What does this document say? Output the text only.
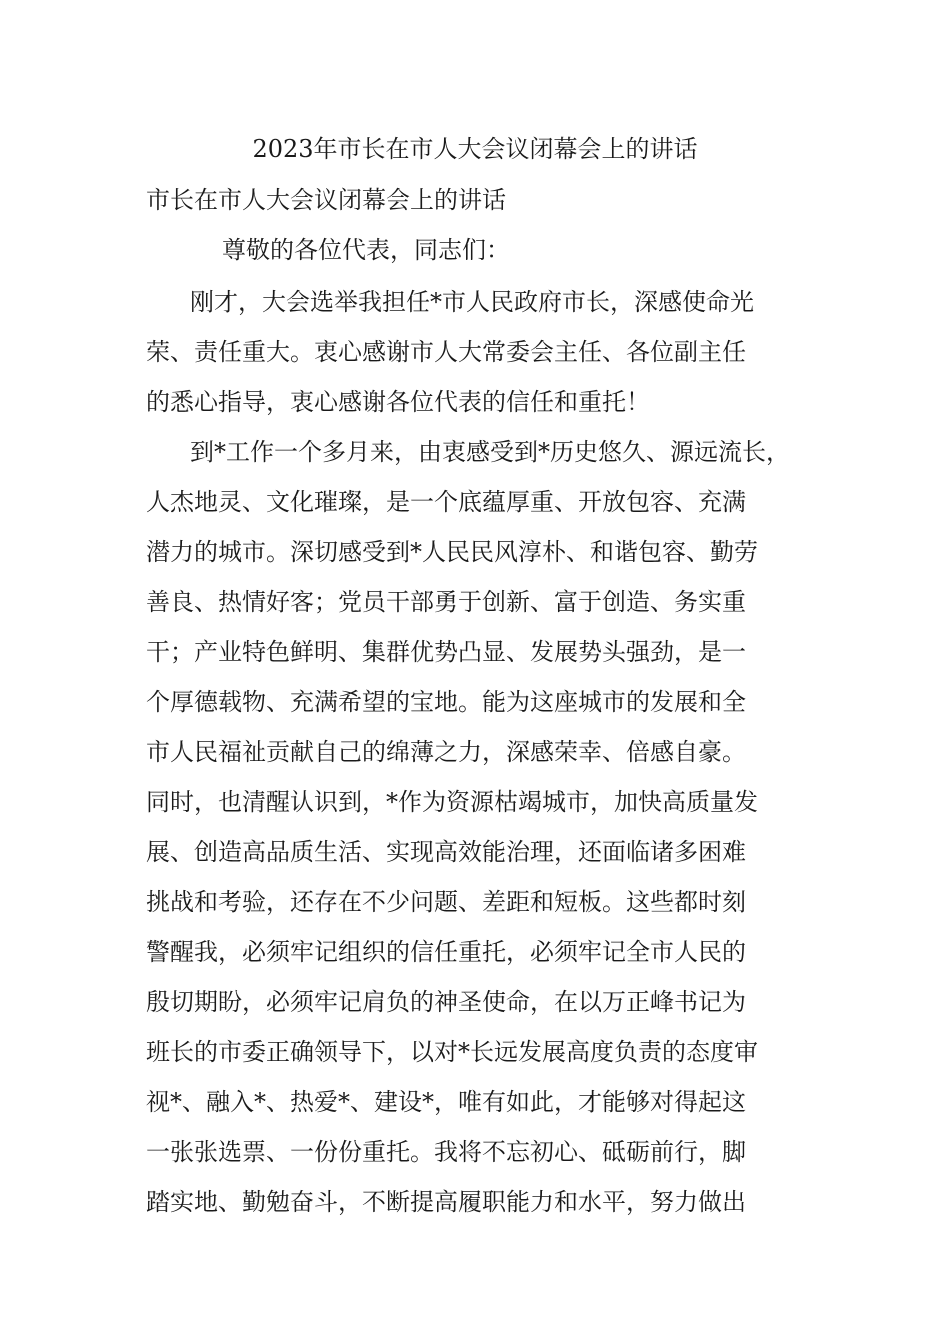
2023年市长在市人大会议闭幕会上的讲话

市长在市人大会议闭幕会上的讲话

尊敬的各位代表，同志们：

刚才，大会选举我担任*市人民政府市长，深感使命光

荣、责任重大。衷心感谢市人大常委会主任、各位副主任

的悉心指导，衷心感谢各位代表的信任和重托！

到*工作一个多月来，由衷感受到*历史悠久、源远流长，

人杰地灵、文化璀璨，是一个底蕴厚重、开放包容、充满

潜力的城市。深切感受到*人民民风淳朴、和谐包容、勤劳

善良、热情好客；党员干部勇于创新、富于创造、务实重

干；产业特色鲜明、集群优势凸显、发展势头强劲，是一

个厚德载物、充满希望的宝地。能为这座城市的发展和全

市人民福祉贡献自己的绵薄之力，深感荣幸、倍感自豪。

同时，也清醒认识到，*作为资源枯竭城市，加快高质量发

展、创造高品质生活、实现高效能治理，还面临诸多困难

挑战和考验，还存在不少问题、差距和短板。这些都时刻

警醒我，必须牢记组织的信任重托，必须牢记全市人民的

殷切期盼，必须牢记肩负的神圣使命，在以万正峰书记为

班长的市委正确领导下，以对*长远发展高度负责的态度审

视*、融入*、热爱*、建设*，唯有如此，才能够对得起这

一张张选票、一份份重托。我将不忘初心、砥砺前行，脚

踏实地、勤勉奋斗，不断提高履职能力和水平，努力做出
